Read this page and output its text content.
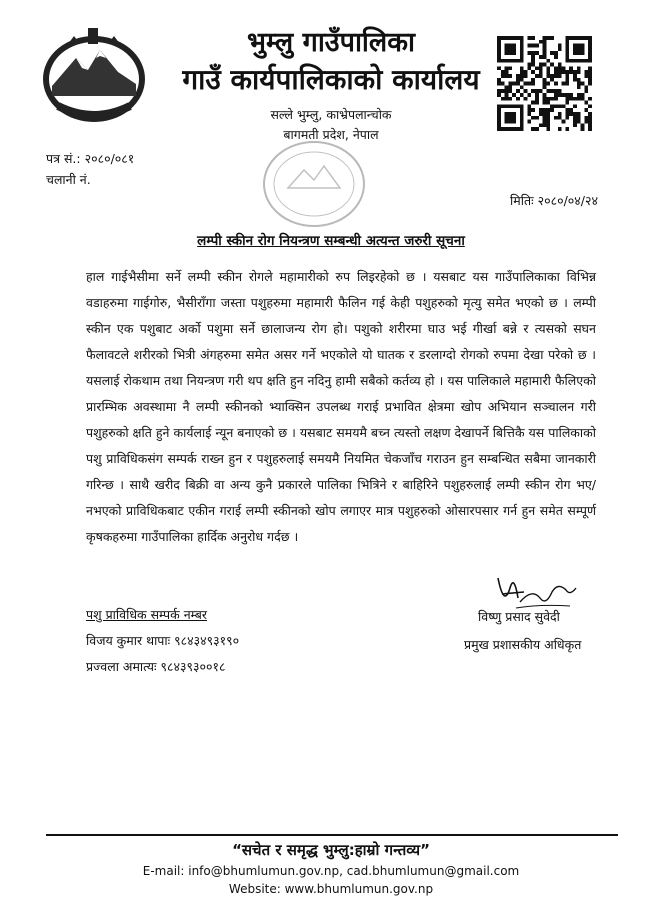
भुम्लु गाउँपालिका
गाउँ कार्यपालिकाको कार्यालय
सल्ले भुम्लु, काभ्रेपलान्चोक
बागमती प्रदेश, नेपाल
पत्र सं.: २०८०/०८१
चलानी नं.
मितिः २०८०/०४/२४
लम्पी स्कीन रोग नियन्त्रण सम्बन्धी अत्यन्त जरुरी सूचना
हाल गाईभैसीमा सर्ने लम्पी स्कीन रोगले महामारीको रुप लिइरहेको छ । यसबाट यस गाउँपालिकाका विभिन्न वडाहरुमा गाईगोरु, भैसीराँगा जस्ता पशुहरुमा महामारी फैलिन गई केही पशुहरुको मृत्यु समेत भएको छ । लम्पी स्कीन एक पशुबाट अर्को पशुमा सर्ने छालाजन्य रोग हो। पशुको शरीरमा घाउ भई गीर्खा बन्ने र त्यसको सघन फैलावटले शरीरको भित्री अंगहरुमा समेत असर गर्ने भएकोले यो घातक र डरलाग्दो रोगको रुपमा देखा परेको छ । यसलाई रोकथाम तथा नियन्त्रण गरी थप क्षति हुन नदिनु हामी सबैको कर्तव्य हो । यस पालिकाले महामारी फैलिएको प्रारम्भिक अवस्थामा नै लम्पी स्कीनको भ्याक्सिन उपलब्ध गराई प्रभावित क्षेत्रमा खोप अभियान सञ्चालन गरी पशुहरुको क्षति हुने कार्यलाई न्यून बनाएको छ । यसबाट समयमै बच्न त्यस्तो लक्षण देखापर्ने बित्तिकै यस पालिकाको पशु प्राविधिकसंग सम्पर्क राख्न हुन र पशुहरुलाई समयमै नियमित चेकजाँच गराउन हुन सम्बन्धित सबैमा जानकारी गरिन्छ । साथै खरीद बिक्री वा अन्य कुनै प्रकारले पालिका भित्रिने र बाहिरिने पशुहरुलाई लम्पी स्कीन रोग भए/नभएको प्राविधिकबाट एकीन गराई लम्पी स्कीनको खोप लगाएर मात्र पशुहरुको ओसारपसार गर्न हुन समेत सम्पूर्ण कृषकहरुमा गाउँपालिका हार्दिक अनुरोध गर्दछ ।
पशु प्राविधिक सम्पर्क नम्बर
विजय कुमार थापाः ९८४३४९३१९०
प्रज्वला अमात्यः ९८४३९३००१८
विष्णु प्रसाद सुवेदी
प्रमुख प्रशासकीय अधिकृत
“सचेत र समृद्ध भुम्लु:हाम्रो गन्तव्य”
E-mail: info@bhumlumun.gov.np, cad.bhumlumun@gmail.com
Website: www.bhumlumun.gov.np
